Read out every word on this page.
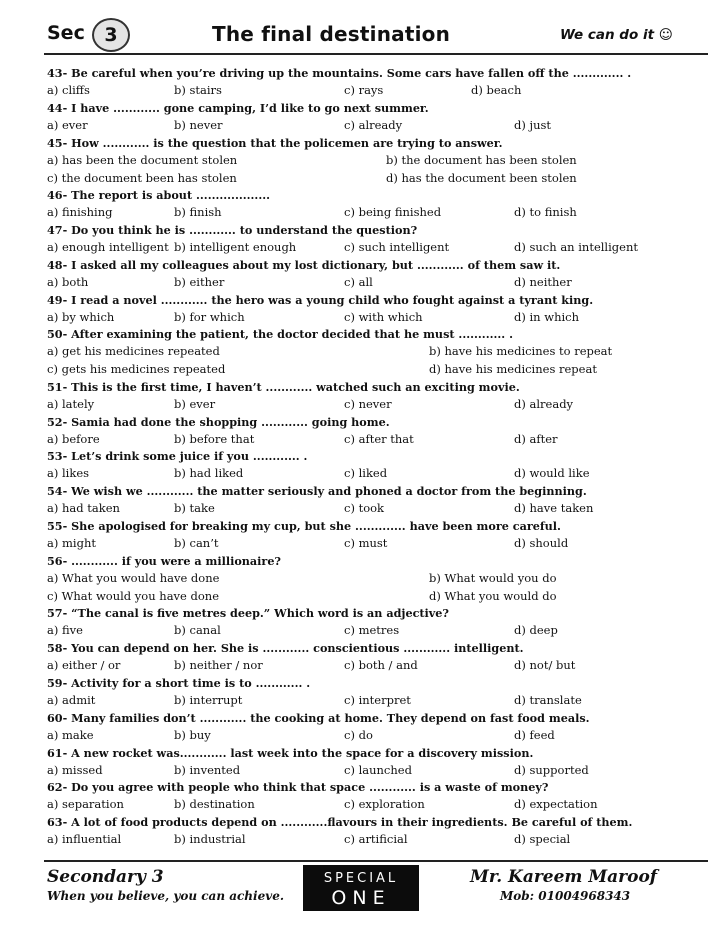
Sec	3	The final destination	We can do it ☺
43- Be careful when you’re driving up the mountains. Some cars have fallen off the ............. .
a) cliffs	b) stairs	c) rays	d) beach
44- I have ............ gone camping, I’d like to go next summer.
a) ever	b) never	c) already	d) just
45- How ............ is the question that the policemen are trying to answer.
a) has been the document stolen	b) the document has been stolen
c) the document been has stolen	d) has the document been stolen
46- The report is about ...................
a) finishing	b) finish	c) being finished	d) to finish
47- Do you think he is ............ to understand the question?
a) enough intelligent b) intelligent enough	c) such intelligent	d) such an intelligent
48- I asked all my colleagues about my lost dictionary, but ............ of them saw it.
a) both	b) either	c) all	d) neither
49- I read a novel ............ the hero was a young child who fought against a tyrant king.
a) by which	b) for which	c) with which	d) in which
50- After examining the patient, the doctor decided that he must ............ .
a) get his medicines repeated	b) have his medicines to repeat
c) gets his medicines repeated	d) have his medicines repeat
51- This is the first time, I haven’t ............ watched such an exciting movie.
a) lately	b) ever	c) never	d) already
52- Samia had done the shopping ............ going home.
a) before	b) before that	c) after that	d) after
53- Let’s drink some juice if you ............ .
a) likes	b) had liked	c) liked	d) would like
54- We wish we ............ the matter seriously and phoned a doctor from the beginning.
a) had taken	b) take	c) took	d) have taken
55- She apologised for breaking my cup, but she ............. have been more careful.
a) might	b) can’t	c) must	d) should
56- ............ if you were a millionaire?
a) What you would have done	b) What would you do
c) What would you have done	d) What you would do
57- “The canal is five metres deep.” Which word is an adjective?
a) five	b) canal	c) metres	d) deep
58- You can depend on her. She is ............ conscientious ............ intelligent.
a) either / or	b) neither / nor	c) both / and	d) not/ but
59- Activity for a short time is to ............ .
a) admit	b) interrupt	c) interpret	d) translate
60- Many families don’t ............ the cooking at home. They depend on fast food meals.
a) make	b) buy	c) do	d) feed
61- A new rocket was............ last week into the space for a discovery mission.
a) missed	b) invented	c) launched	d) supported
62- Do you agree with people who think that space ............ is a waste of money?
a) separation	b) destination	c) exploration	d) expectation
63- A lot of food products depend on ............flavours in their ingredients. Be careful of them.
a) influential	b) industrial	c) artificial	d) special
Secondary 3
When you believe, you can achieve.
SPECIAL
ONE
Mr. Kareem Maroof
Mob: 01004968343
